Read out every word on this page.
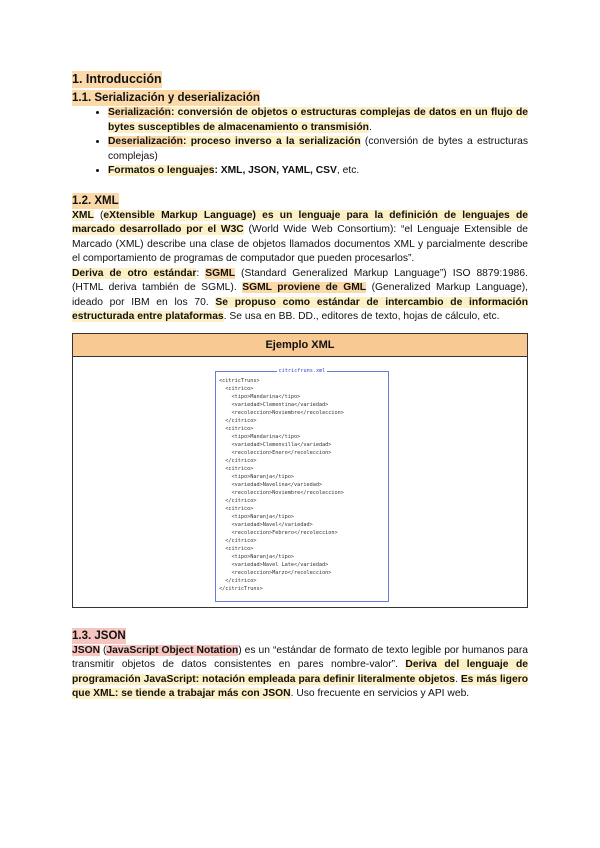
1. Introducción
1.1. Serialización y deserialización
• Serialización: conversión de objetos o estructuras complejas de datos en un flujo de bytes susceptibles de almacenamiento o transmisión.
• Deserialización: proceso inverso a la serialización (conversión de bytes a estructuras complejas)
• Formatos o lenguajes: XML, JSON, YAML, CSV, etc.
1.2. XML

XML (eXtensible Markup Language) es un lenguaje para la definición de lenguajes de marcado desarrollado por el W3C (World Wide Web Consortium): “el Lenguaje Extensible de Marcado (XML) describe una clase de objetos llamados documentos XML y parcialmente describe el comportamiento de programas de computador que pueden procesarlos”.

Deriva de otro estándar: SGML (Standard Generalized Markup Language”) ISO 8879:1986. (HTML deriva también de SGML). SGML proviene de GML (Generalized Markup Language), ideado por IBM en los 70. Se propuso como estándar de intercambio de información estructurada entre plataformas. Se usa en BB. DD., editores de texto, hojas de cálculo, etc.

Ejemplo XML
citricfruns.xml
<citricTruns>
<citrico>
<tipo>Mandarina</tipo>
<variedad>Clementina</variedad>
<recoleccion>Noviembre</recoleccion>
</citrico>
<citrico>
<tipo>Mandarina</tipo>
<variedad>Clemenvilla</variedad>
<recoleccion>Enero</recoleccion>
</citrico>
<citrico>
<tipo>Naranja</tipo>
<variedad>Navelina</variedad>
<recoleccion>Noviembre</recoleccion>
</citrico>
<citrico>
<tipo>Naranja</tipo>
<variedad>Navel</variedad>
<recoleccion>Febrero</recoleccion>
</citrico>
<citrico>
<tipo>Naranja</tipo>
<variedad>Navel Late</variedad>
<recoleccion>Marzo</recoleccion>
</citrico>
</citricTruns>
1.3. JSON

JSON (JavaScript Object Notation) es un “estándar de formato de texto legible por humanos para transmitir objetos de datos consistentes en pares nombre-valor”. Deriva del lenguaje de programación JavaScript: notación empleada para definir literalmente objetos. Es más ligero que XML: se tiende a trabajar más con JSON. Uso frecuente en servicios y API web.
